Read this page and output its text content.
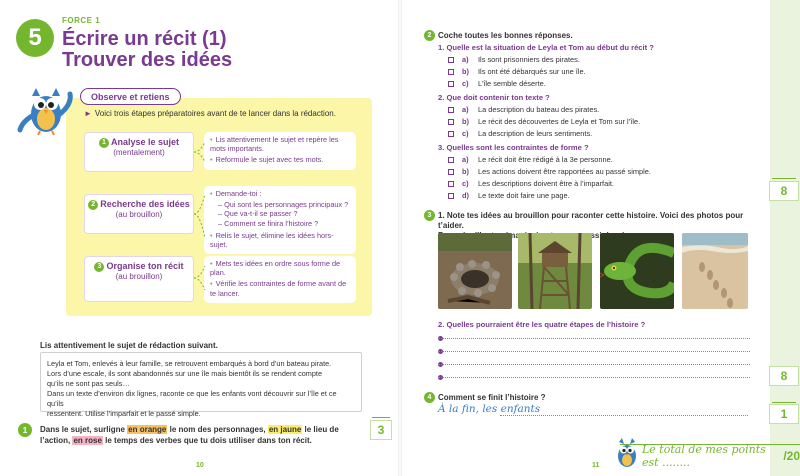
5
FORCE 1
Écrire un récit (1)
Trouver des idées
Observe et retiens
► Voici trois étapes préparatoires avant de te lancer dans la rédaction.
1 Analyse le sujet
(mentalement)
• Lis attentivement le sujet et repère les mots importants.
• Reformule le sujet avec tes mots.
2 Recherche des idées
(au brouillon)
• Demande-toi :
– Qui sont les personnages principaux ?
– Que va-t-il se passer ?
– Comment se finira l’histoire ?
• Relis le sujet, élimine les idées hors-sujet.
3 Organise ton récit
(au brouillon)
• Mets tes idées en ordre sous forme de plan.
• Vérifie les contraintes de forme avant de te lancer.
Lis attentivement le sujet de rédaction suivant.
Leyla et Tom, enlevés à leur famille, se retrouvent embarqués à bord d’un bateau pirate.
Lors d’une escale, ils sont abandonnés sur une île mais bientôt ils se rendent compte
qu’ils ne sont pas seuls…
Dans un texte d’environ dix lignes, raconte ce que les enfants vont découvrir sur l’île et ce qu’ils
ressentent. Utilise l’imparfait et le passé simple.
1	Dans le sujet, surligne en orange le nom des personnages, en jaune le lieu de l’action, en rose le temps des verbes que tu dois utiliser dans ton récit.
3
10
2 Coche toutes les bonnes réponses.
1. Quelle est la situation de Leyla et Tom au début du récit ?
a) Ils sont prisonniers des pirates.
b) Ils ont été débarqués sur une île.
c) L’île semble déserte.
2. Que doit contenir ton texte ?
a) La description du bateau des pirates.
b) Le récit des découvertes de Leyla et Tom sur l’île.
c) La description de leurs sentiments.
3. Quelles sont les contraintes de forme ?
a) Le récit doit être rédigé à la 3e personne.
b) Les actions doivent être rapportées au passé simple.
c) Les descriptions doivent être à l’imparfait.
d) Le texte doit faire une page.	8
3 1. Note tes idées au brouillon pour raconter cette histoire. Voici des photos pour t’aider.
2. Quelles pourraient être les quatre étapes de l’histoire ?
8
4 Comment se finit l’histoire ?
À la fin, les enfants	1
Le total de mes points est ........	/20
11
